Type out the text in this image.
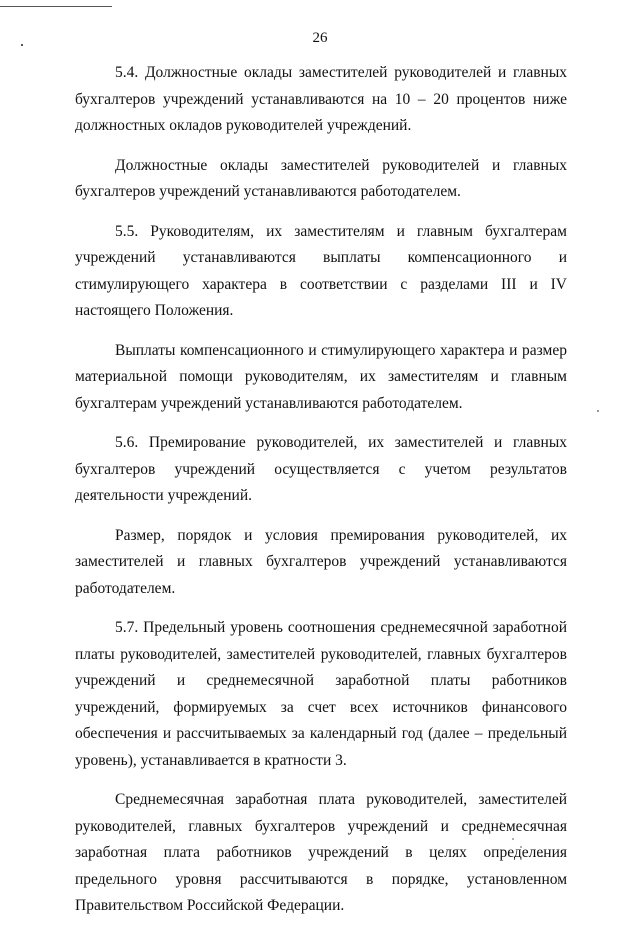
26

5.4. Должностные оклады заместителей руководителей и главных бухгалтеров учреждений устанавливаются на 10 – 20 процентов ниже должностных окладов руководителей учреждений.

Должностные оклады заместителей руководителей и главных бухгалтеров учреждений устанавливаются работодателем.

5.5. Руководителям, их заместителям и главным бухгалтерам учреждений устанавливаются выплаты компенсационного и стимулирующего характера в соответствии с разделами III и IV настоящего Положения.

Выплаты компенсационного и стимулирующего характера и размер материальной помощи руководителям, их заместителям и главным бухгалтерам учреждений устанавливаются работодателем.

5.6. Премирование руководителей, их заместителей и главных бухгалтеров учреждений осуществляется с учетом результатов деятельности учреждений.

Размер, порядок и условия премирования руководителей, их заместителей и главных бухгалтеров учреждений устанавливаются работодателем.

5.7. Предельный уровень соотношения среднемесячной заработной платы руководителей, заместителей руководителей, главных бухгалтеров учреждений и среднемесячной заработной платы работников учреждений, формируемых за счет всех источников финансового обеспечения и рассчитываемых за календарный год (далее – предельный уровень), устанавливается в кратности 3.

Среднемесячная заработная плата руководителей, заместителей руководителей, главных бухгалтеров учреждений и среднемесячная заработная плата работников учреждений в целях определения предельного уровня рассчитываются в порядке, установленном Правительством Российской Федерации.
